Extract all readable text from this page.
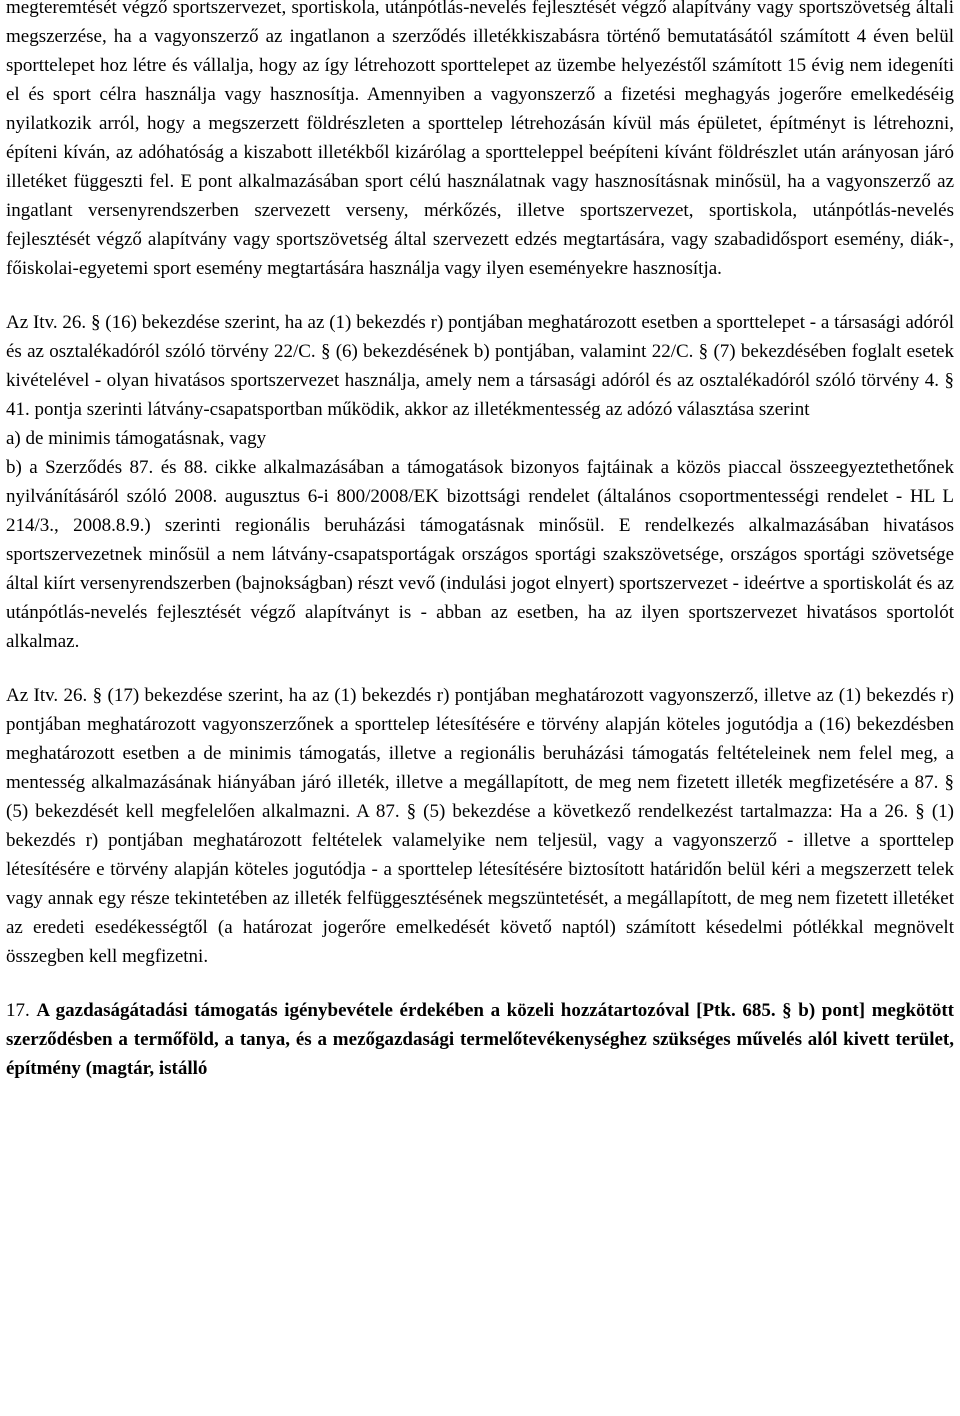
megteremtését végző sportszervezet, sportiskola, utánpótlás-nevelés fejlesztését végző alapítvány vagy sportszövetség általi megszerzése, ha a vagyonszerző az ingatlanon a szerződés illetékkiszabásra történő bemutatásától számított 4 éven belül sporttelepet hoz létre és vállalja, hogy az így létrehozott sporttelepet az üzembe helyezéstől számított 15 évig nem idegeníti el és sport célra használja vagy hasznosítja. Amennyiben a vagyonszerző a fizetési meghagyás jogerőre emelkedéséig nyilatkozik arról, hogy a megszerzett földrészleten a sporttelep létrehozásán kívül más épületet, építményt is létrehozni, építeni kíván, az adóhatóság a kiszabott illetékből kizárólag a sportteleppel beépíteni kívánt földrészlet után arányosan járó illetéket függeszti fel. E pont alkalmazásában sport célú használatnak vagy hasznosításnak minősül, ha a vagyonszerző az ingatlant versenyrendszerben szervezett verseny, mérkőzés, illetve sportszervezet, sportiskola, utánpótlás-nevelés fejlesztését végző alapítvány vagy sportszövetség által szervezett edzés megtartására, vagy szabadidősport esemény, diák-, főiskolai-egyetemi sport esemény megtartására használja vagy ilyen eseményekre hasznosítja.

Az Itv. 26. § (16) bekezdése szerint, ha az (1) bekezdés r) pontjában meghatározott esetben a sporttelepet - a társasági adóról és az osztalékadóról szóló törvény 22/C. § (6) bekezdésének b) pontjában, valamint 22/C. § (7) bekezdésében foglalt esetek kivételével - olyan hivatásos sportszervezet használja, amely nem a társasági adóról és az osztalékadóról szóló törvény 4. § 41. pontja szerinti látvány-csapatsportban működik, akkor az illetékmentesség az adózó választása szerint

a) de minimis támogatásnak, vagy

b) a Szerződés 87. és 88. cikke alkalmazásában a támogatások bizonyos fajtáinak a közös piaccal összeegyeztethetőnek nyilvánításáról szóló 2008. augusztus 6-i 800/2008/EK bizottsági rendelet (általános csoportmentességi rendelet - HL L 214/3., 2008.8.9.) szerinti regionális beruházási támogatásnak minősül. E rendelkezés alkalmazásában hivatásos sportszervezetnek minősül a nem látvány-csapatsportágak országos sportági szakszövetsége, országos sportági szövetsége által kiírt versenyrendszerben (bajnokságban) részt vevő (indulási jogot elnyert) sportszervezet - ideértve a sportiskolát és az utánpótlás-nevelés fejlesztését végző alapítványt is - abban az esetben, ha az ilyen sportszervezet hivatásos sportolót alkalmaz.

Az Itv. 26. § (17) bekezdése szerint, ha az (1) bekezdés r) pontjában meghatározott vagyonszerző, illetve az (1) bekezdés r) pontjában meghatározott vagyonszerzőnek a sporttelep létesítésére e törvény alapján köteles jogutódja a (16) bekezdésben meghatározott esetben a de minimis támogatás, illetve a regionális beruházási támogatás feltételeinek nem felel meg, a mentesség alkalmazásának hiányában járó illeték, illetve a megállapított, de meg nem fizetett illeték megfizetésére a 87. § (5) bekezdését kell megfelelően alkalmazni. A 87. § (5) bekezdése a következő rendelkezést tartalmazza: Ha a 26. § (1) bekezdés r) pontjában meghatározott feltételek valamelyike nem teljesül, vagy a vagyonszerző - illetve a sporttelep létesítésére e törvény alapján köteles jogutódja - a sporttelep létesítésére biztosított határidőn belül kéri a megszerzett telek vagy annak egy része tekintetében az illeték felfüggesztésének megszüntetését, a megállapított, de meg nem fizetett illetéket az eredeti esedékességtől (a határozat jogerőre emelkedését követő naptól) számított késedelmi pótlékkal megnövelt összegben kell megfizetni.

17. A gazdaságátadási támogatás igénybevétele érdekében a közeli hozzátartozóval [Ptk. 685. § b) pont] megkötött szerződésben a termőföld, a tanya, és a mezőgazdasági termelőtevékenységhez szükséges művelés alól kivett terület, építmény (magtár, istálló
